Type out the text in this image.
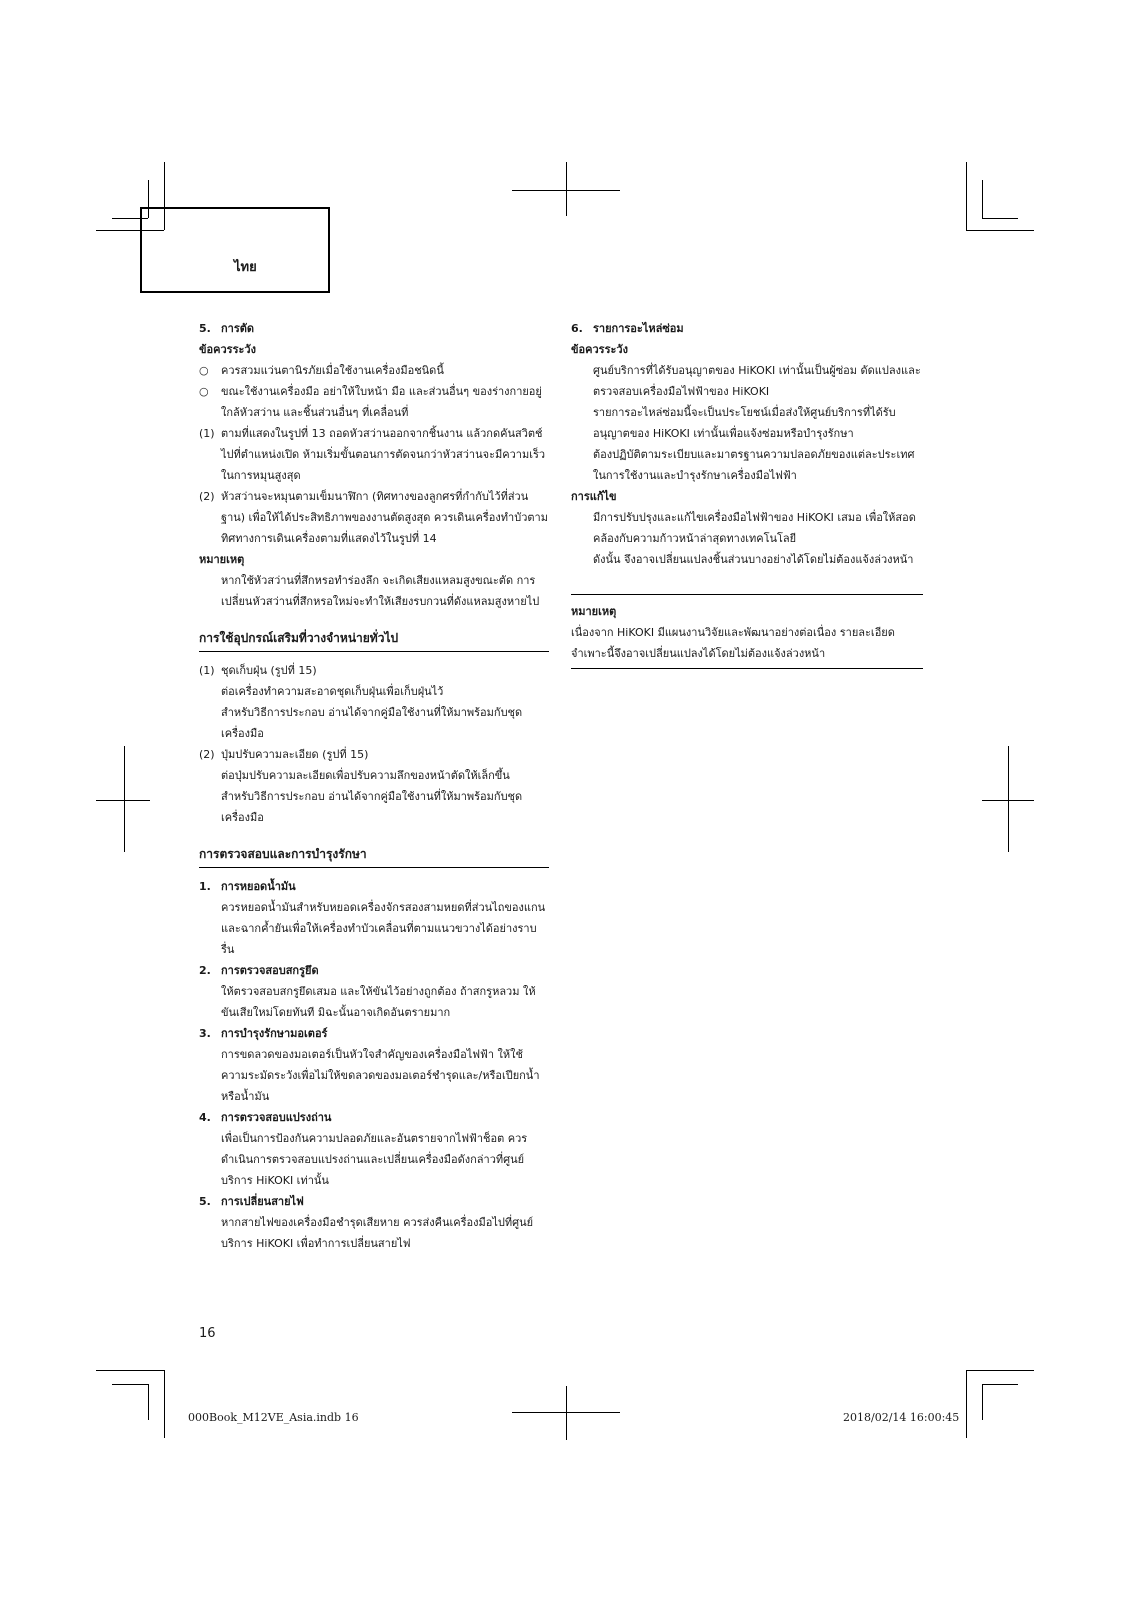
ไทย
5. การตัด
ข้อควรระวัง
○	ควรสวมแว่นตานิรภัยเมื่อใช้งานเครื่องมือชนิดนี้
○	ขณะใช้งานเครื่องมือ อย่าให้ใบหน้า มือ และส่วนอื่นๆ ของร่างกายอยู่ใกล้หัวสว่าน และชิ้นส่วนอื่นๆ ที่เคลื่อนที่
(1) ตามที่แสดงในรูปที่ 13 ถอดหัวสว่านออกจากชิ้นงาน แล้วกดคันสวิตช์ไปที่ตำแหน่งเปิด ห้ามเริ่มขั้นตอนการตัดจนกว่าหัวสว่านจะมีความเร็วในการหมุนสูงสุด
(2) หัวสว่านจะหมุนตามเข็มนาฬิกา (ทิศทางของลูกศรที่กำกับไว้ที่ส่วนฐาน) เพื่อให้ได้ประสิทธิภาพของงานตัดสูงสุด ควรเดินเครื่องทำบัวตามทิศทางการเดินเครื่องตามที่แสดงไว้ในรูปที่ 14
หมายเหตุ
หากใช้หัวสว่านที่สึกหรอทำร่องลึก จะเกิดเสียงแหลมสูงขณะตัด การเปลี่ยนหัวสว่านที่สึกหรอใหม่จะทำให้เสียงรบกวนที่ดังแหลมสูงหายไป
การใช้อุปกรณ์เสริมที่วางจำหน่ายทั่วไป
(1) ชุดเก็บฝุ่น (รูปที่ 15)
ต่อเครื่องทำความสะอาดชุดเก็บฝุ่นเพื่อเก็บฝุ่นไว้
สำหรับวิธีการประกอบ อ่านได้จากคู่มือใช้งานที่ให้มาพร้อมกับชุดเครื่องมือ
(2) ปุ่มปรับความละเอียด (รูปที่ 15)
ต่อปุ่มปรับความละเอียดเพื่อปรับความลึกของหน้าตัดให้เล็กขึ้น
สำหรับวิธีการประกอบ อ่านได้จากคู่มือใช้งานที่ให้มาพร้อมกับชุดเครื่องมือ
การตรวจสอบและการบำรุงรักษา
1. การหยอดน้ำมัน
ควรหยอดน้ำมันสำหรับหยอดเครื่องจักรสองสามหยดที่ส่วนไถของแกนและฉากค้ำยันเพื่อให้เครื่องทำบัวเคลื่อนที่ตามแนวขวางได้อย่างราบรื่น
2. การตรวจสอบสกรูยึด
ให้ตรวจสอบสกรูยึดเสมอ และให้ขันไว้อย่างถูกต้อง ถ้าสกรูหลวม ให้ขันเสียใหม่โดยทันที มิฉะนั้นอาจเกิดอันตรายมาก
3. การบำรุงรักษามอเตอร์
การขดลวดของมอเตอร์เป็นหัวใจสำคัญของเครื่องมือไฟฟ้า ให้ใช้ความระมัดระวังเพื่อไม่ให้ขดลวดของมอเตอร์ชำรุดและ/หรือเปียกน้ำหรือน้ำมัน
4. การตรวจสอบแปรงถ่าน
เพื่อเป็นการป้องกันความปลอดภัยและอันตรายจากไฟฟ้าช็อต ควรดำเนินการตรวจสอบแปรงถ่านและเปลี่ยนเครื่องมือดังกล่าวที่ศูนย์บริการ HiKOKI เท่านั้น
5. การเปลี่ยนสายไฟ
หากสายไฟของเครื่องมือชำรุดเสียหาย ควรส่งคืนเครื่องมือไปที่ศูนย์บริการ HiKOKI เพื่อทำการเปลี่ยนสายไฟ
6. รายการอะไหล่ซ่อม
ข้อควรระวัง
ศูนย์บริการที่ได้รับอนุญาตของ HiKOKI เท่านั้นเป็นผู้ซ่อม ดัดแปลงและตรวจสอบเครื่องมือไฟฟ้าของ HiKOKI
รายการอะไหล่ซ่อมนี้จะเป็นประโยชน์เมื่อส่งให้ศูนย์บริการที่ได้รับอนุญาตของ HiKOKI เท่านั้นเพื่อแจ้งซ่อมหรือบำรุงรักษา
ต้องปฏิบัติตามระเบียบและมาตรฐานความปลอดภัยของแต่ละประเทศในการใช้งานและบำรุงรักษาเครื่องมือไฟฟ้า
การแก้ไข
มีการปรับปรุงและแก้ไขเครื่องมือไฟฟ้าของ HiKOKI เสมอ เพื่อให้สอด
คล้องกับความก้าวหน้าล่าสุดทางเทคโนโลยี
ดังนั้น จึงอาจเปลี่ยนแปลงชิ้นส่วนบางอย่างได้โดยไม่ต้องแจ้งล่วงหน้า
หมายเหตุ
เนื่องจาก HiKOKI มีแผนงานวิจัยและพัฒนาอย่างต่อเนื่อง รายละเอียดจำเพาะนี้จึงอาจเปลี่ยนแปลงได้โดยไม่ต้องแจ้งล่วงหน้า
16
000Book_M12VE_Asia.indb 16	2018/02/14 16:00:45
